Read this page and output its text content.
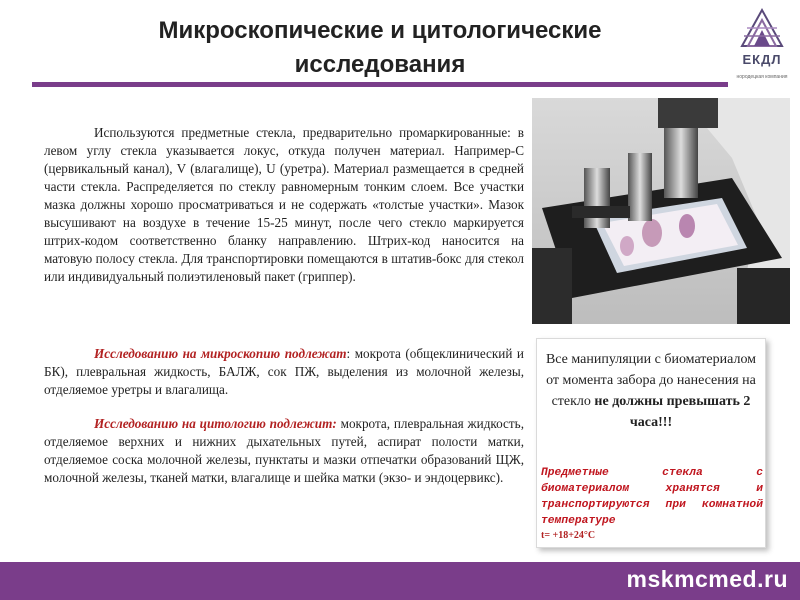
Микроскопические и цитологические
исследования	ЕКДЛ
нородецкая компания
Используются предметные стекла, предварительно промаркированные: в левом углу стекла указывается локус, откуда получен материал. Например-C (цервикальный канал), V (влагалище), U (уретра). Материал размещается в средней части стекла. Распределяется по стеклу равномерным тонким слоем. Все участки мазка должны хорошо просматриваться и не содержать «толстые участки». Мазок высушивают на воздухе в течение 15-25 минут, после чего стекло маркируется штрих-кодом соответственно бланку направлению. Штрих-код наносится на матовую полосу стекла. Для транспортировки помещаются в штатив-бокс для стекол или индивидуальный полиэтиленовый пакет (гриппер).
Исследованию на микроскопию подлежат: мокрота (общеклинический и БК), плевральная жидкость, БАЛЖ, сок ПЖ, выделения из молочной железы, отделяемое уретры и влагалища.
Исследованию на цитологию подлежит: мокрота, плевральная жидкость, отделяемое верхних и нижних дыхательных путей, аспират полости матки, отделяемое соска молочной железы, пунктаты и мазки отпечатки образований ЩЖ, молочной железы, тканей матки, влагалище и шейка матки (экзо- и эндоцервикс).
Все манипуляции с биоматериалом от момента забора до нанесения на стекло не должны превышать 2 часа!!!
Предметные стекла с биоматериалом хранятся и транспортируются при комнатной температуре
t= +18+24°С
mskmcmed.ru
